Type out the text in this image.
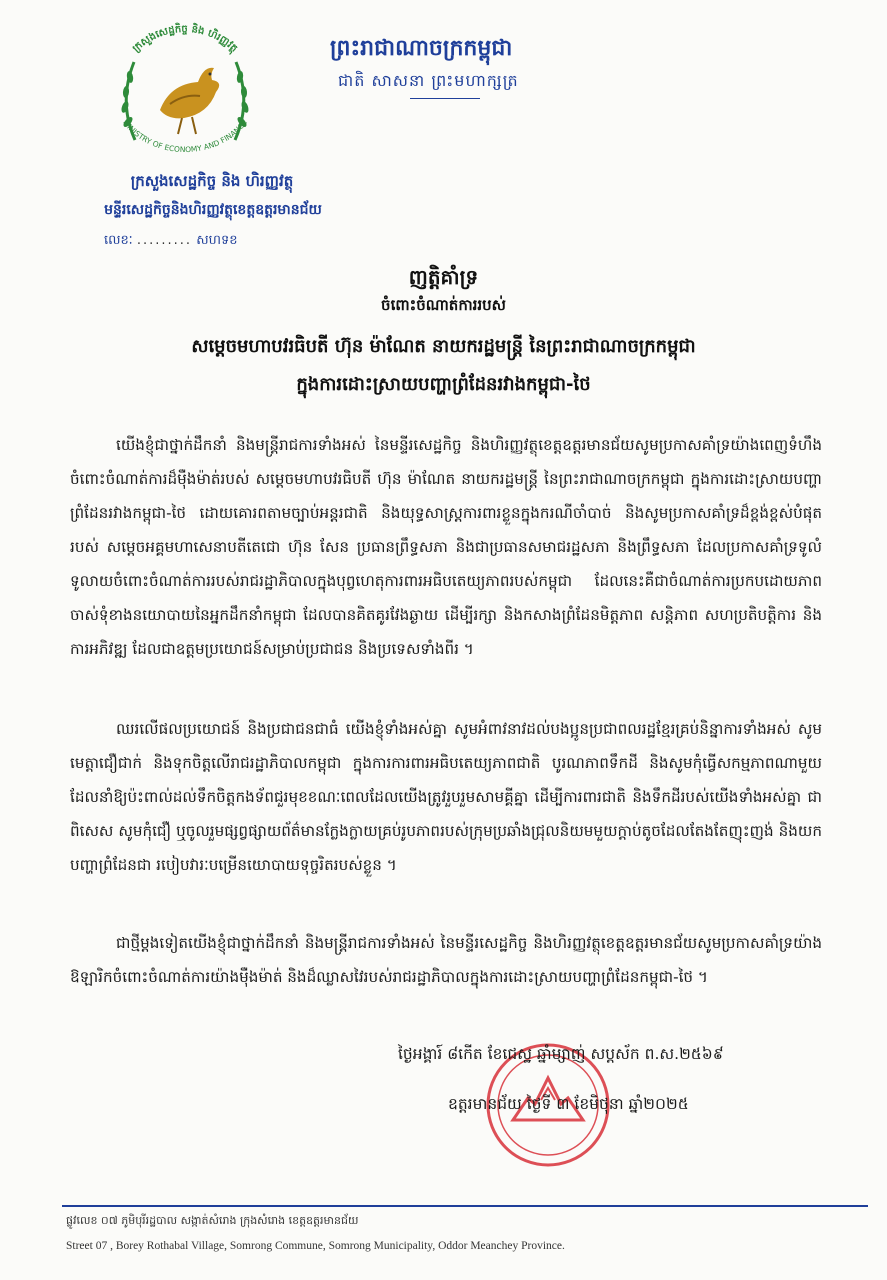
ក្រសួងសេដ្ឋកិច្ច និង ហិរញ្ញវត្ថុ
MINISTRY OF ECONOMY AND FINANCE
ក្រសួងសេដ្ឋកិច្ច និង ហិរញ្ញវត្ថុ
មន្ទីរសេដ្ឋកិច្ចនិងហិរញ្ញវត្ថុខេត្តឧត្តរមានជ័យ
លេខៈ ......... សហទខ
ព្រះរាជាណាចក្រកម្ពុជា
ជាតិ សាសនា ព្រះមហាក្សត្រ
ញត្តិគាំទ្រ
ចំពោះចំណាត់ការរបស់
សម្តេចមហាបវរធិបតី ហ៊ុន ម៉ាណែត នាយករដ្ឋមន្ត្រី នៃព្រះរាជាណាចក្រកម្ពុជា
ក្នុងការដោះស្រាយបញ្ហាព្រំដែនរវាងកម្ពុជា-ថៃ
យើងខ្ញុំជាថ្នាក់ដឹកនាំ និងមន្ត្រីរាជការទាំងអស់ នៃមន្ទីរសេដ្ឋកិច្ច និងហិរញ្ញវត្ថុខេត្តឧត្តរមានជ័យសូមប្រកាសគាំទ្រយ៉ាងពេញទំហឹងចំពោះចំណាត់ការដ៏ម៉ឺងម៉ាត់របស់ សម្តេចមហាបវរធិបតី ហ៊ុន ម៉ាណែត នាយករដ្ឋមន្ត្រី នៃព្រះរាជាណាចក្រកម្ពុជា ក្នុងការដោះស្រាយបញ្ហាព្រំដែនរវាងកម្ពុជា-ថៃ ដោយគោរពតាមច្បាប់អន្តរជាតិ និងយុទ្ធសាស្ត្រការពារខ្លួនក្នុងករណីចាំបាច់ និងសូមប្រកាសគាំទ្រដ៏ខ្ពង់ខ្ពស់បំផុតរបស់ សម្តេចអគ្គមហាសេនាបតីតេជោ ហ៊ុន សែន ប្រធានព្រឹទ្ធសភា និងជាប្រធានសមាជរដ្ឋសភា និងព្រឹទ្ធសភា ដែលប្រកាសគាំទ្រទូលំទូលាយចំពោះចំណាត់ការរបស់រាជរដ្ឋាភិបាលក្នុងបុព្វហេតុការពារអធិបតេយ្យភាពរបស់កម្ពុជា ដែលនេះគឺជាចំណាត់ការប្រកបដោយភាពចាស់ទុំខាងនយោបាយនៃអ្នកដឹកនាំកម្ពុជា ដែលបានគិតគូរវែងឆ្ងាយ ដើម្បីរក្សា និងកសាងព្រំដែនមិត្តភាព សន្តិភាព សហប្រតិបត្តិការ និងការអភិវឌ្ឍ ដែលជាឧត្តមប្រយោជន៍សម្រាប់ប្រជាជន និងប្រទេសទាំងពីរ ។
ឈរលើផលប្រយោជន៍ និងប្រជាជនជាធំ យើងខ្ញុំទាំងអស់គ្នា សូមអំពាវនាវដល់បងប្អូនប្រជាពលរដ្ឋខ្មែរគ្រប់និន្នាការទាំងអស់ សូមមេត្តាជឿជាក់ និងទុកចិត្តលើរាជរដ្ឋាភិបាលកម្ពុជា ក្នុងការការពារអធិបតេយ្យភាពជាតិ បូរណភាពទឹកដី និងសូមកុំធ្វើសកម្មភាពណាមួយដែលនាំឱ្យប៉ះពាល់ដល់ទឹកចិត្តកងទ័ពជួរមុខខណៈពេលដែលយើងត្រូវរួបរួមសាមគ្គីគ្នា ដើម្បីការពារជាតិ និងទឹកដីរបស់យើងទាំងអស់គ្នា ជាពិសេស សូមកុំជឿ ឬចូលរួមផ្សព្វផ្សាយព័ត៌មានក្លែងក្លាយគ្រប់រូបភាពរបស់ក្រុមប្រឆាំងជ្រុលនិយមមួយក្តាប់តូចដែលតែងតែញុះញង់ និងយកបញ្ហាព្រំដែនជា របៀបវារៈបម្រើនយោបាយទុច្ចរិតរបស់ខ្លួន ។
ជាថ្មីម្តងទៀតយើងខ្ញុំជាថ្នាក់ដឹកនាំ និងមន្ត្រីរាជការទាំងអស់ នៃមន្ទីរសេដ្ឋកិច្ច និងហិរញ្ញវត្ថុខេត្តឧត្តរមានជ័យសូមប្រកាសគាំទ្រយ៉ាងឱឡារិកចំពោះចំណាត់ការយ៉ាងម៉ឺងម៉ាត់ និងដ៏ឈ្លាសវៃរបស់រាជរដ្ឋាភិបាលក្នុងការដោះស្រាយបញ្ហាព្រំដែនកម្ពុជា-ថៃ ។
ថ្ងៃអង្គារ៍ ៨កើត ខែជេស្ឋ ឆ្នាំម្សាញ់ សប្តស័ក ព.ស.២៥៦៩
ឧត្តរមានជ័យ ថ្ងៃទី ៣ ខែមិថុនា ឆ្នាំ២០២៥
ផ្លូវលេខ ០៧ ភូមិបុរីរដ្ឋបាល សង្កាត់សំរោង ក្រុងសំរោង ខេត្តឧត្តរមានជ័យ
Street 07 , Borey Rothabal Village, Somrong Commune, Somrong Municipality, Oddor Meanchey Province.
